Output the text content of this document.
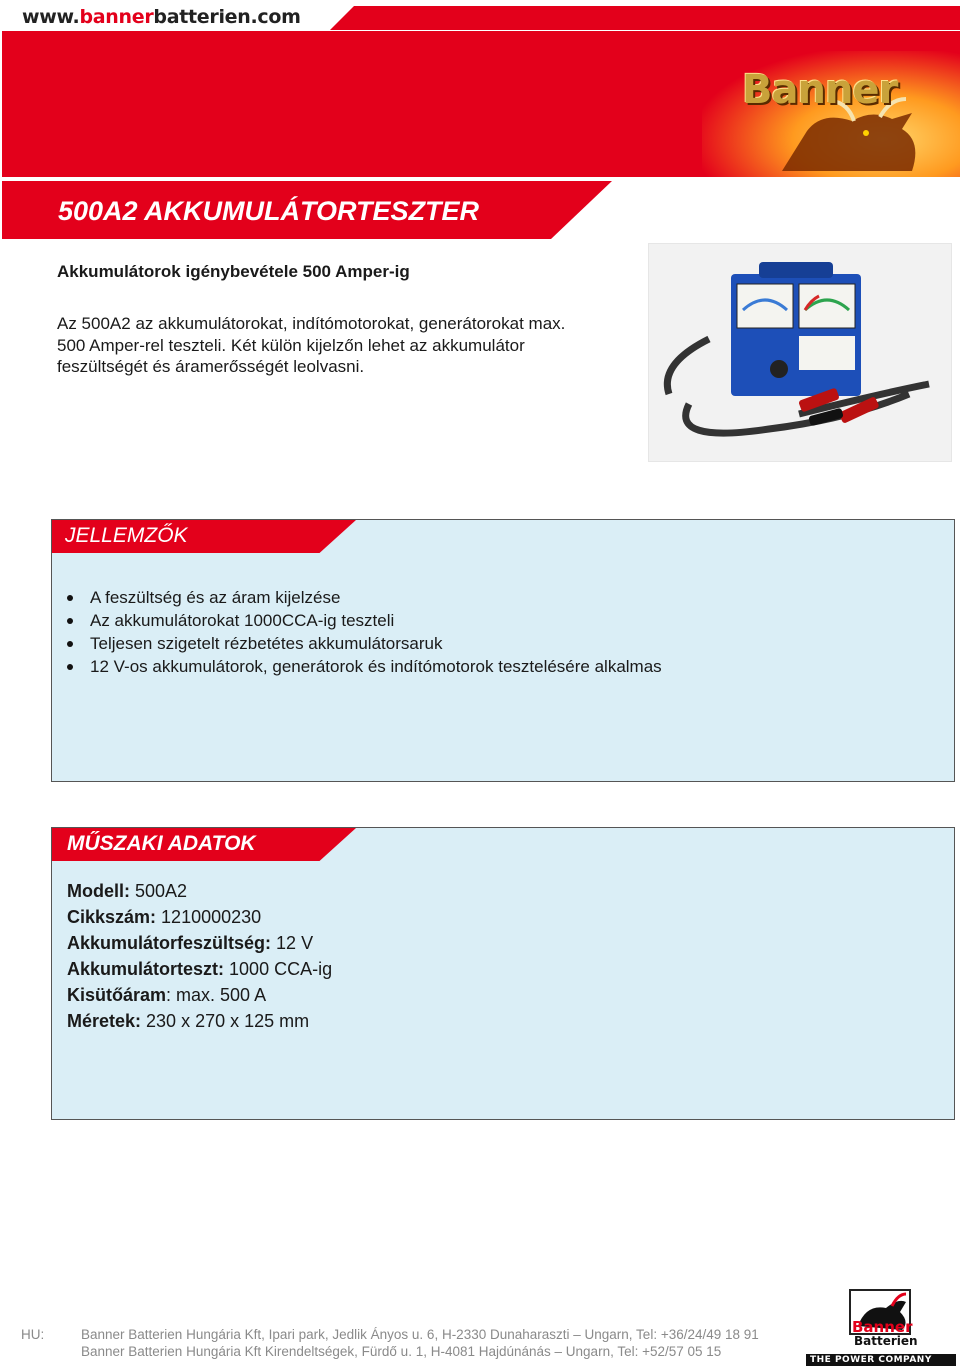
www.bannerbatterien.com
Banner
500A2 AKKUMULÁTORTESZTER
Akkumulátorok igénybevétele 500 Amper-ig
Az 500A2 az akkumulátorokat, indítómotorokat, generátorokat max. 500 Amper-rel teszteli. Két külön kijelzőn lehet az akkumulátor feszültségét és áramerősségét leolvasni.
JELLEMZŐK
A feszültség és az áram kijelzése
Az akkumulátorokat 1000CCA-ig teszteli
Teljesen szigetelt rézbetétes akkumulátorsaruk
12 V-os akkumulátorok, generátorok és indítómotorok tesztelésére alkalmas
MŰSZAKI ADATOK
Modell: 500A2
Cikkszám: 1210000230
Akkumulátorfeszültség: 12 V
Akkumulátorteszt: 1000 CCA-ig
Kisütőáram: max. 500 A
Méretek: 230 x 270 x 125 mm
HU:	Banner Batterien Hungária Kft, Ipari park, Jedlik Ányos u. 6, H-2330 Dunaharaszti – Ungarn, Tel: +36/24/49 18 91
Banner Batterien Hungária Kft Kirendeltségek, Fürdő u. 1, H-4081 Hajdúnánás – Ungarn, Tel: +52/57 05 15
Banner
Batterien
THE POWER COMPANY
